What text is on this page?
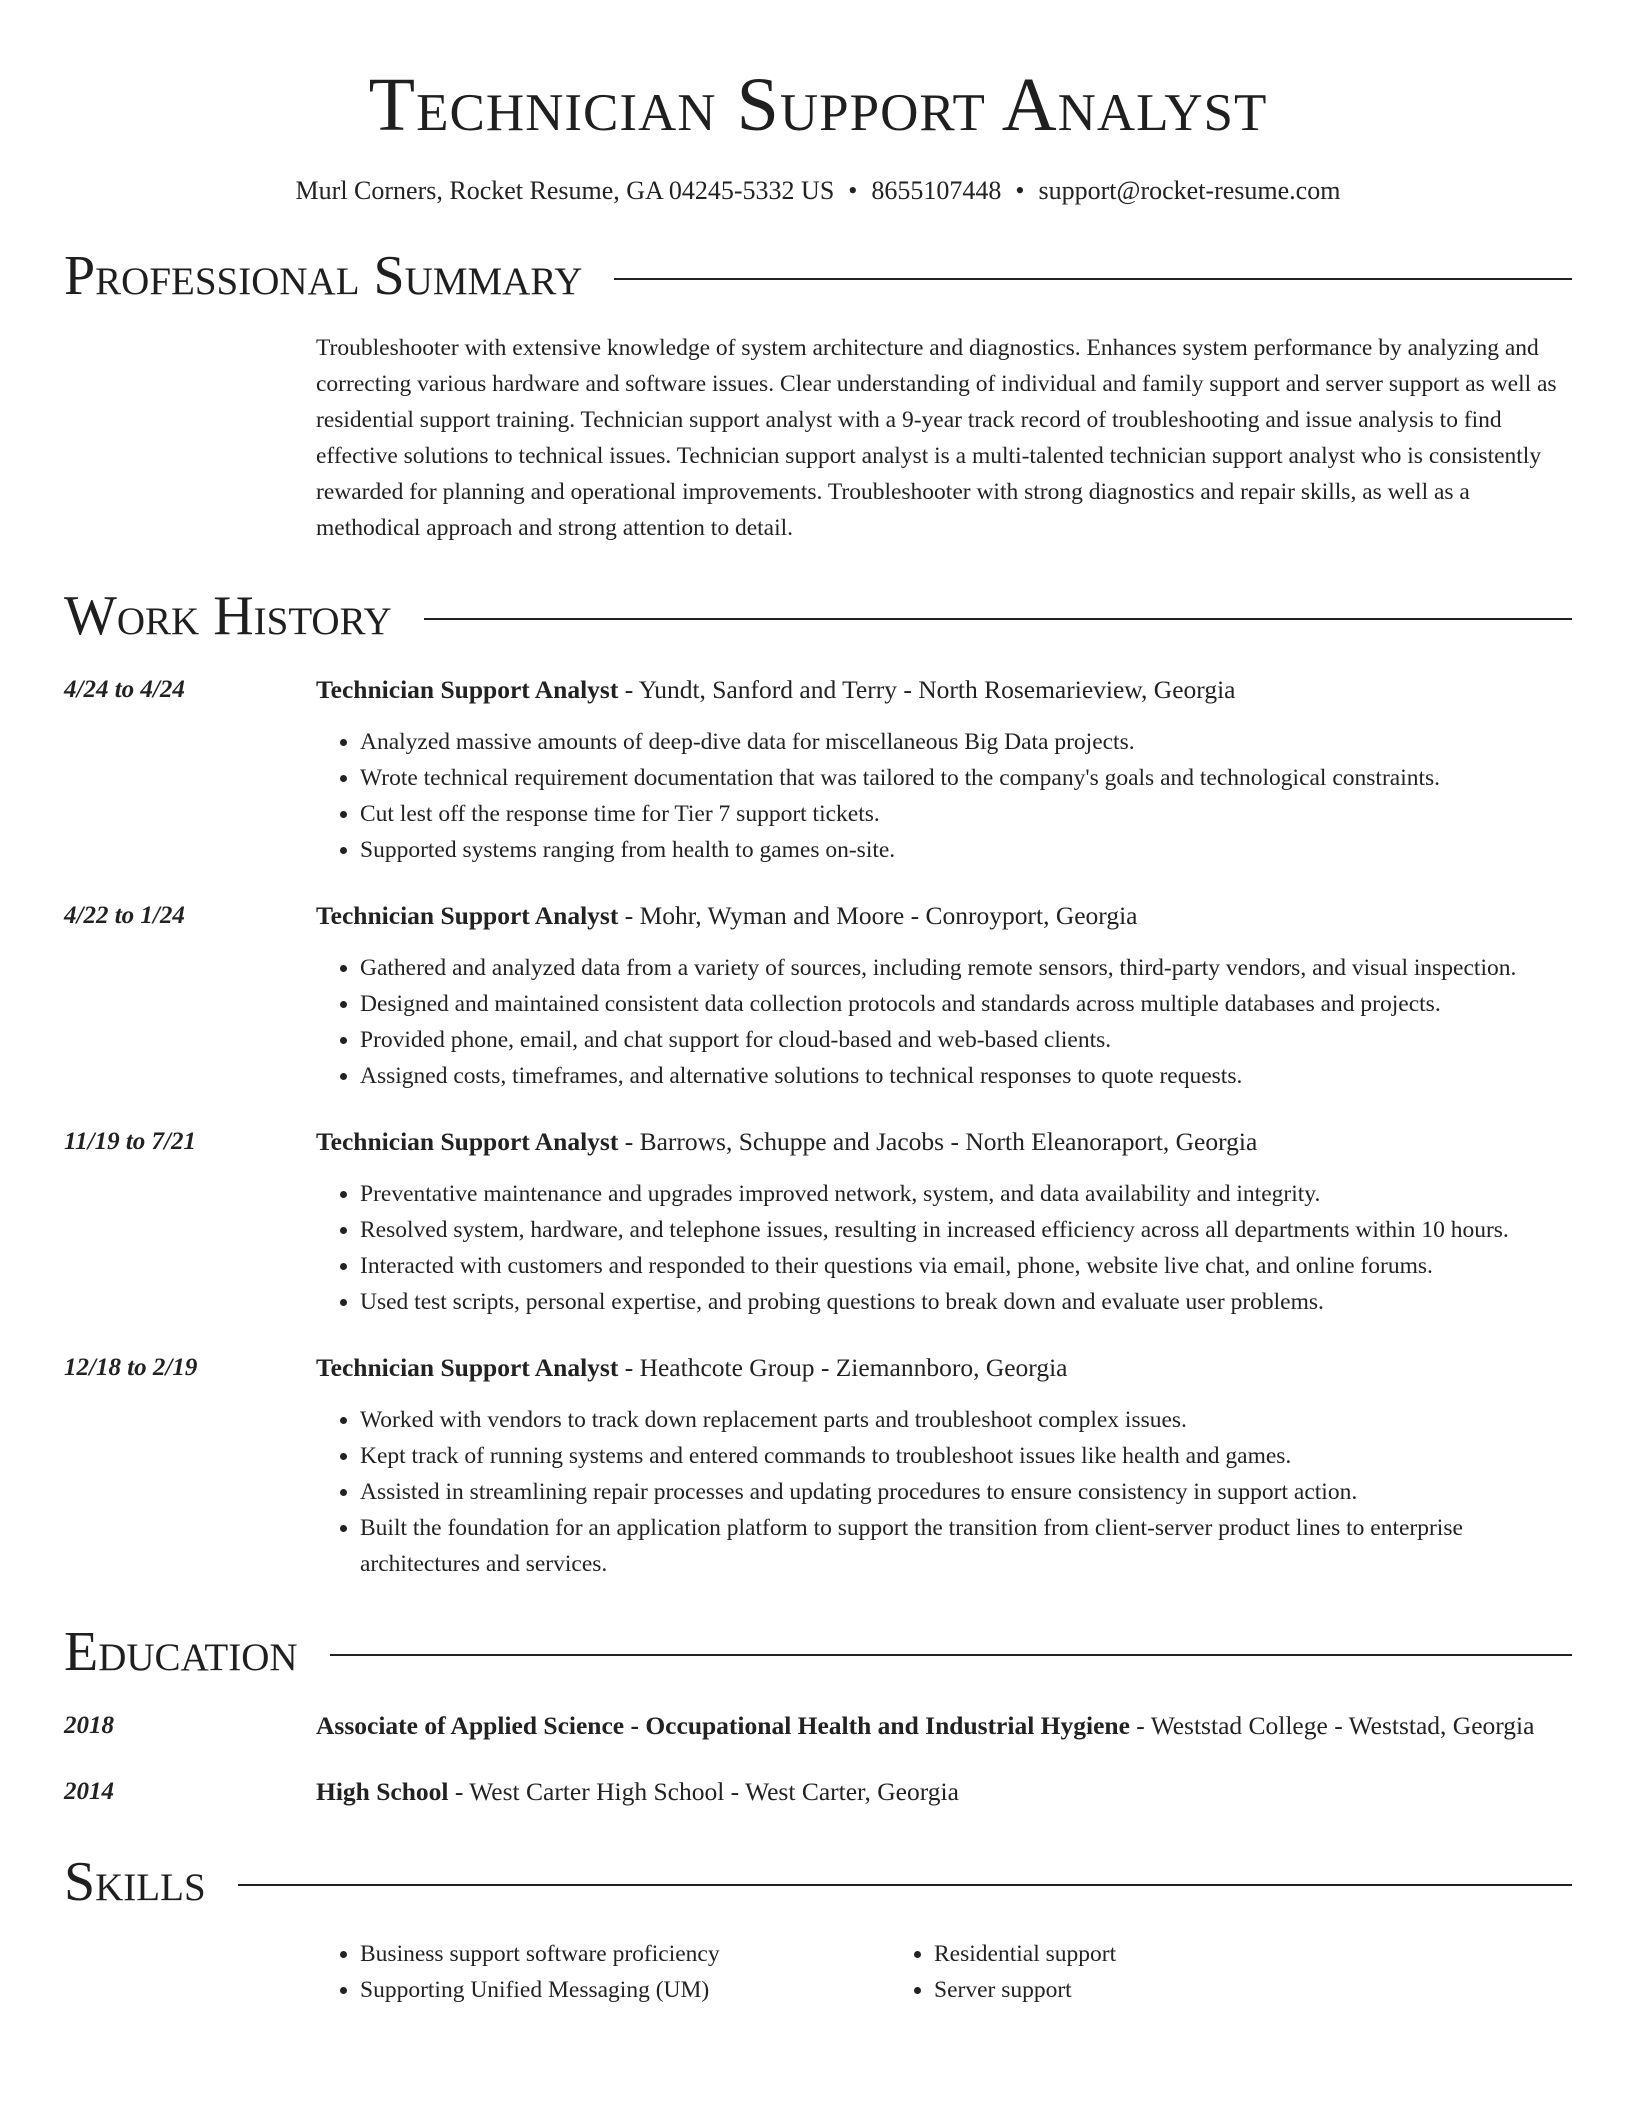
Technician Support Analyst
Murl Corners, Rocket Resume, GA 04245-5332 US • 8655107448 • support@rocket-resume.com
Professional Summary
Troubleshooter with extensive knowledge of system architecture and diagnostics. Enhances system performance by analyzing and correcting various hardware and software issues. Clear understanding of individual and family support and server support as well as residential support training. Technician support analyst with a 9-year track record of troubleshooting and issue analysis to find effective solutions to technical issues. Technician support analyst is a multi-talented technician support analyst who is consistently rewarded for planning and operational improvements. Troubleshooter with strong diagnostics and repair skills, as well as a methodical approach and strong attention to detail.
Work History
4/24 to 4/24	Technician Support Analyst - Yundt, Sanford and Terry - North Rosemarieview, Georgia
• Analyzed massive amounts of deep-dive data for miscellaneous Big Data projects.
• Wrote technical requirement documentation that was tailored to the company's goals and technological constraints.
• Cut lest off the response time for Tier 7 support tickets.
• Supported systems ranging from health to games on-site.
4/22 to 1/24	Technician Support Analyst - Mohr, Wyman and Moore - Conroyport, Georgia
• Gathered and analyzed data from a variety of sources, including remote sensors, third-party vendors, and visual inspection.
• Designed and maintained consistent data collection protocols and standards across multiple databases and projects.
• Provided phone, email, and chat support for cloud-based and web-based clients.
• Assigned costs, timeframes, and alternative solutions to technical responses to quote requests.
11/19 to 7/21	Technician Support Analyst - Barrows, Schuppe and Jacobs - North Eleanoraport, Georgia
• Preventative maintenance and upgrades improved network, system, and data availability and integrity.
• Resolved system, hardware, and telephone issues, resulting in increased efficiency across all departments within 10 hours.
• Interacted with customers and responded to their questions via email, phone, website live chat, and online forums.
• Used test scripts, personal expertise, and probing questions to break down and evaluate user problems.
12/18 to 2/19	Technician Support Analyst - Heathcote Group - Ziemannboro, Georgia
• Worked with vendors to track down replacement parts and troubleshoot complex issues.
• Kept track of running systems and entered commands to troubleshoot issues like health and games.
• Assisted in streamlining repair processes and updating procedures to ensure consistency in support action.
• Built the foundation for an application platform to support the transition from client-server product lines to enterprise architectures and services.
Education
2018	Associate of Applied Science - Occupational Health and Industrial Hygiene - Weststad College - Weststad, Georgia
2014	High School - West Carter High School - West Carter, Georgia
Skills
• Business support software proficiency
• Supporting Unified Messaging (UM)
• Residential support
• Server support
